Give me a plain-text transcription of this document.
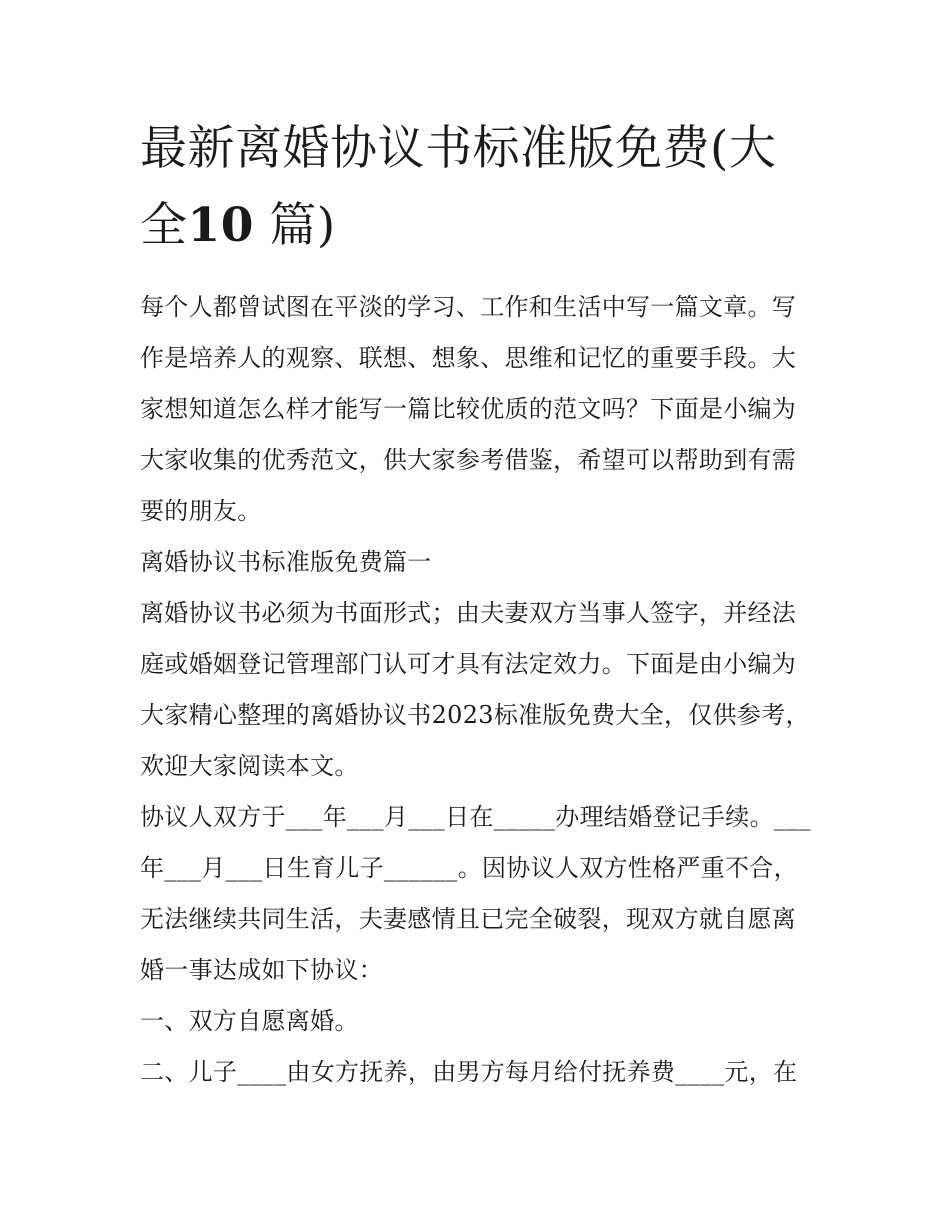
最新离婚协议书标准版免费(大全10 篇)

每个人都曾试图在平淡的学习、工作和生活中写一篇文章。写作是培养人的观察、联想、想象、思维和记忆的重要手段。大家想知道怎么样才能写一篇比较优质的范文吗？下面是小编为大家收集的优秀范文，供大家参考借鉴，希望可以帮助到有需要的朋友。

离婚协议书标准版免费篇一

离婚协议书必须为书面形式；由夫妻双方当事人签字，并经法庭或婚姻登记管理部门认可才具有法定效力。下面是由小编为大家精心整理的离婚协议书2023标准版免费大全，仅供参考，欢迎大家阅读本文。

协议人双方于___年___月___日在_____办理结婚登记手续。___年___月___日生育儿子______。因协议人双方性格严重不合，无法继续共同生活，夫妻感情且已完全破裂，现双方就自愿离婚一事达成如下协议：

一、双方自愿离婚。

二、儿子____由女方抚养，由男方每月给付抚养费____元，在
